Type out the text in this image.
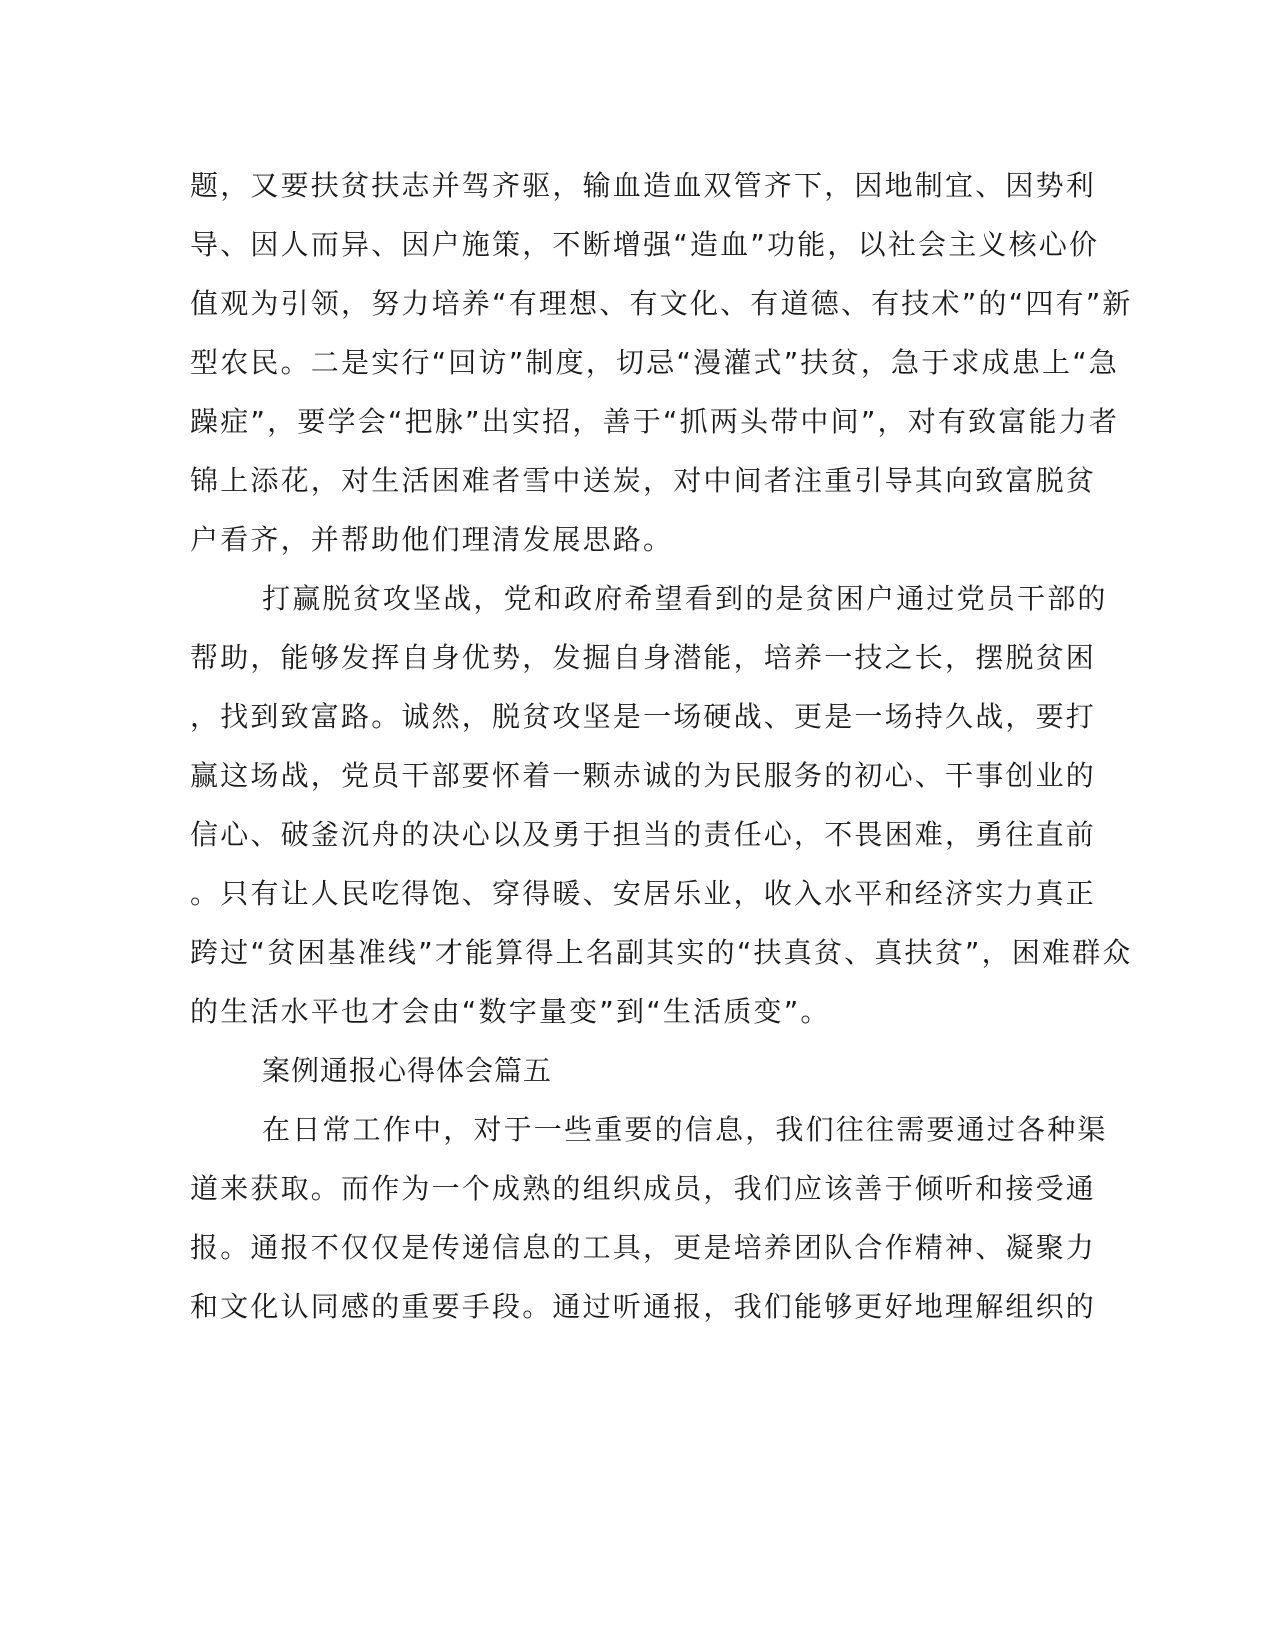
题，又要扶贫扶志并驾齐驱，输血造血双管齐下，因地制宜、因势利
导、因人而异、因户施策，不断增强“造血”功能，以社会主义核心价
值观为引领，努力培养“有理想、有文化、有道德、有技术”的“四有”新
型农民。二是实行“回访”制度，切忌“漫灌式”扶贫，急于求成患上“急
躁症”，要学会“把脉”出实招，善于“抓两头带中间”，对有致富能力者
锦上添花，对生活困难者雪中送炭，对中间者注重引导其向致富脱贫
户看齐，并帮助他们理清发展思路。
打赢脱贫攻坚战，党和政府希望看到的是贫困户通过党员干部的
帮助，能够发挥自身优势，发掘自身潜能，培养一技之长，摆脱贫困
，找到致富路。诚然，脱贫攻坚是一场硬战、更是一场持久战，要打
赢这场战，党员干部要怀着一颗赤诚的为民服务的初心、干事创业的
信心、破釜沉舟的决心以及勇于担当的责任心，不畏困难，勇往直前
。只有让人民吃得饱、穿得暖、安居乐业，收入水平和经济实力真正
跨过“贫困基准线”才能算得上名副其实的“扶真贫、真扶贫”，困难群众
的生活水平也才会由“数字量变”到“生活质变”。
案例通报心得体会篇五
在日常工作中，对于一些重要的信息，我们往往需要通过各种渠
道来获取。而作为一个成熟的组织成员，我们应该善于倾听和接受通
报。通报不仅仅是传递信息的工具，更是培养团队合作精神、凝聚力
和文化认同感的重要手段。通过听通报，我们能够更好地理解组织的
